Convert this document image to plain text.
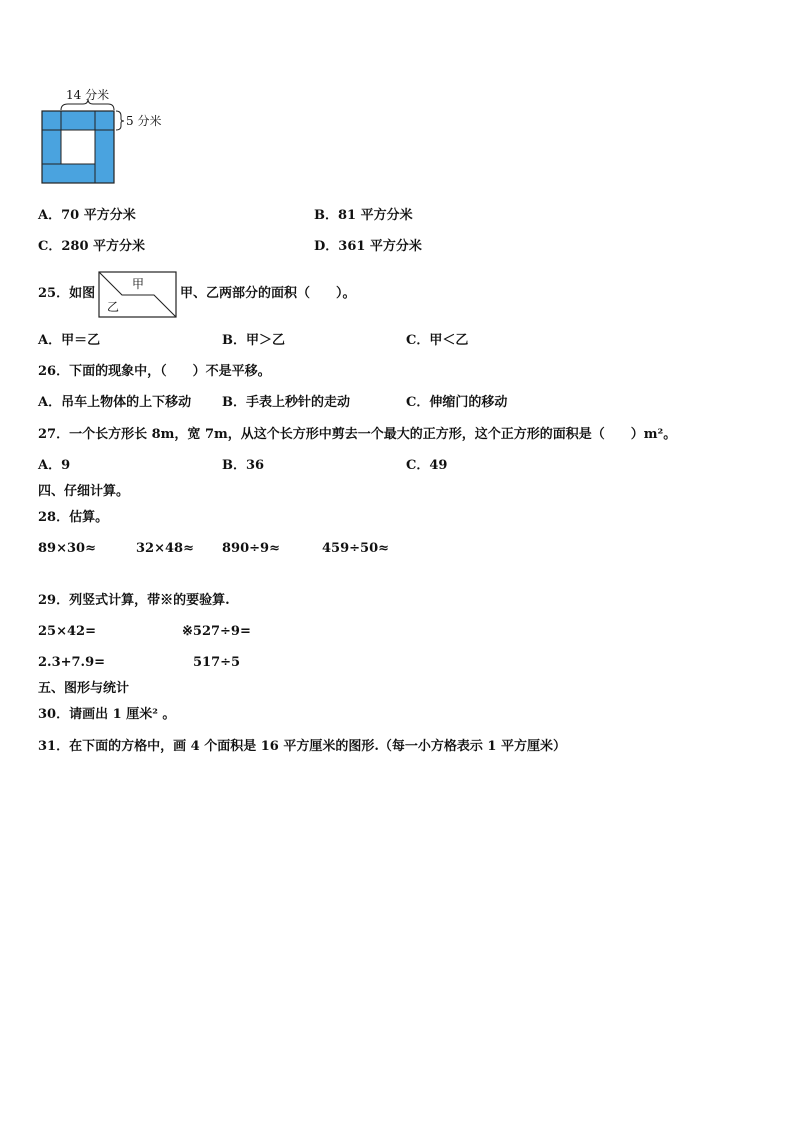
14 分米
5 分米
A．70 平方分米	B．81 平方分米
C．280 平方分米	D．361 平方分米
25．如图
甲
乙
甲、乙两部分的面积（　　）。
A．甲＝乙	B．甲＞乙	C．甲＜乙
26．下面的现象中，（　　）不是平移。
A．吊车上物体的上下移动 B．手表上秒针的走动	C．伸缩门的移动
27．一个长方形长 8m，宽 7m，从这个长方形中剪去一个最大的正方形，这个正方形的面积是（　　）m²。
A．9	B．36	C．49
四、仔细计算。
28．估算。
89×30≈	32×48≈ 890÷9≈	459÷50≈
29．列竖式计算，带※的要验算.
25×42=	※527÷9=
2.3+7.9=	517÷5
五、图形与统计
30．请画出 1 厘米² 。
31．在下面的方格中，画 4 个面积是 16 平方厘米的图形.（每一小方格表示 1 平方厘米）
